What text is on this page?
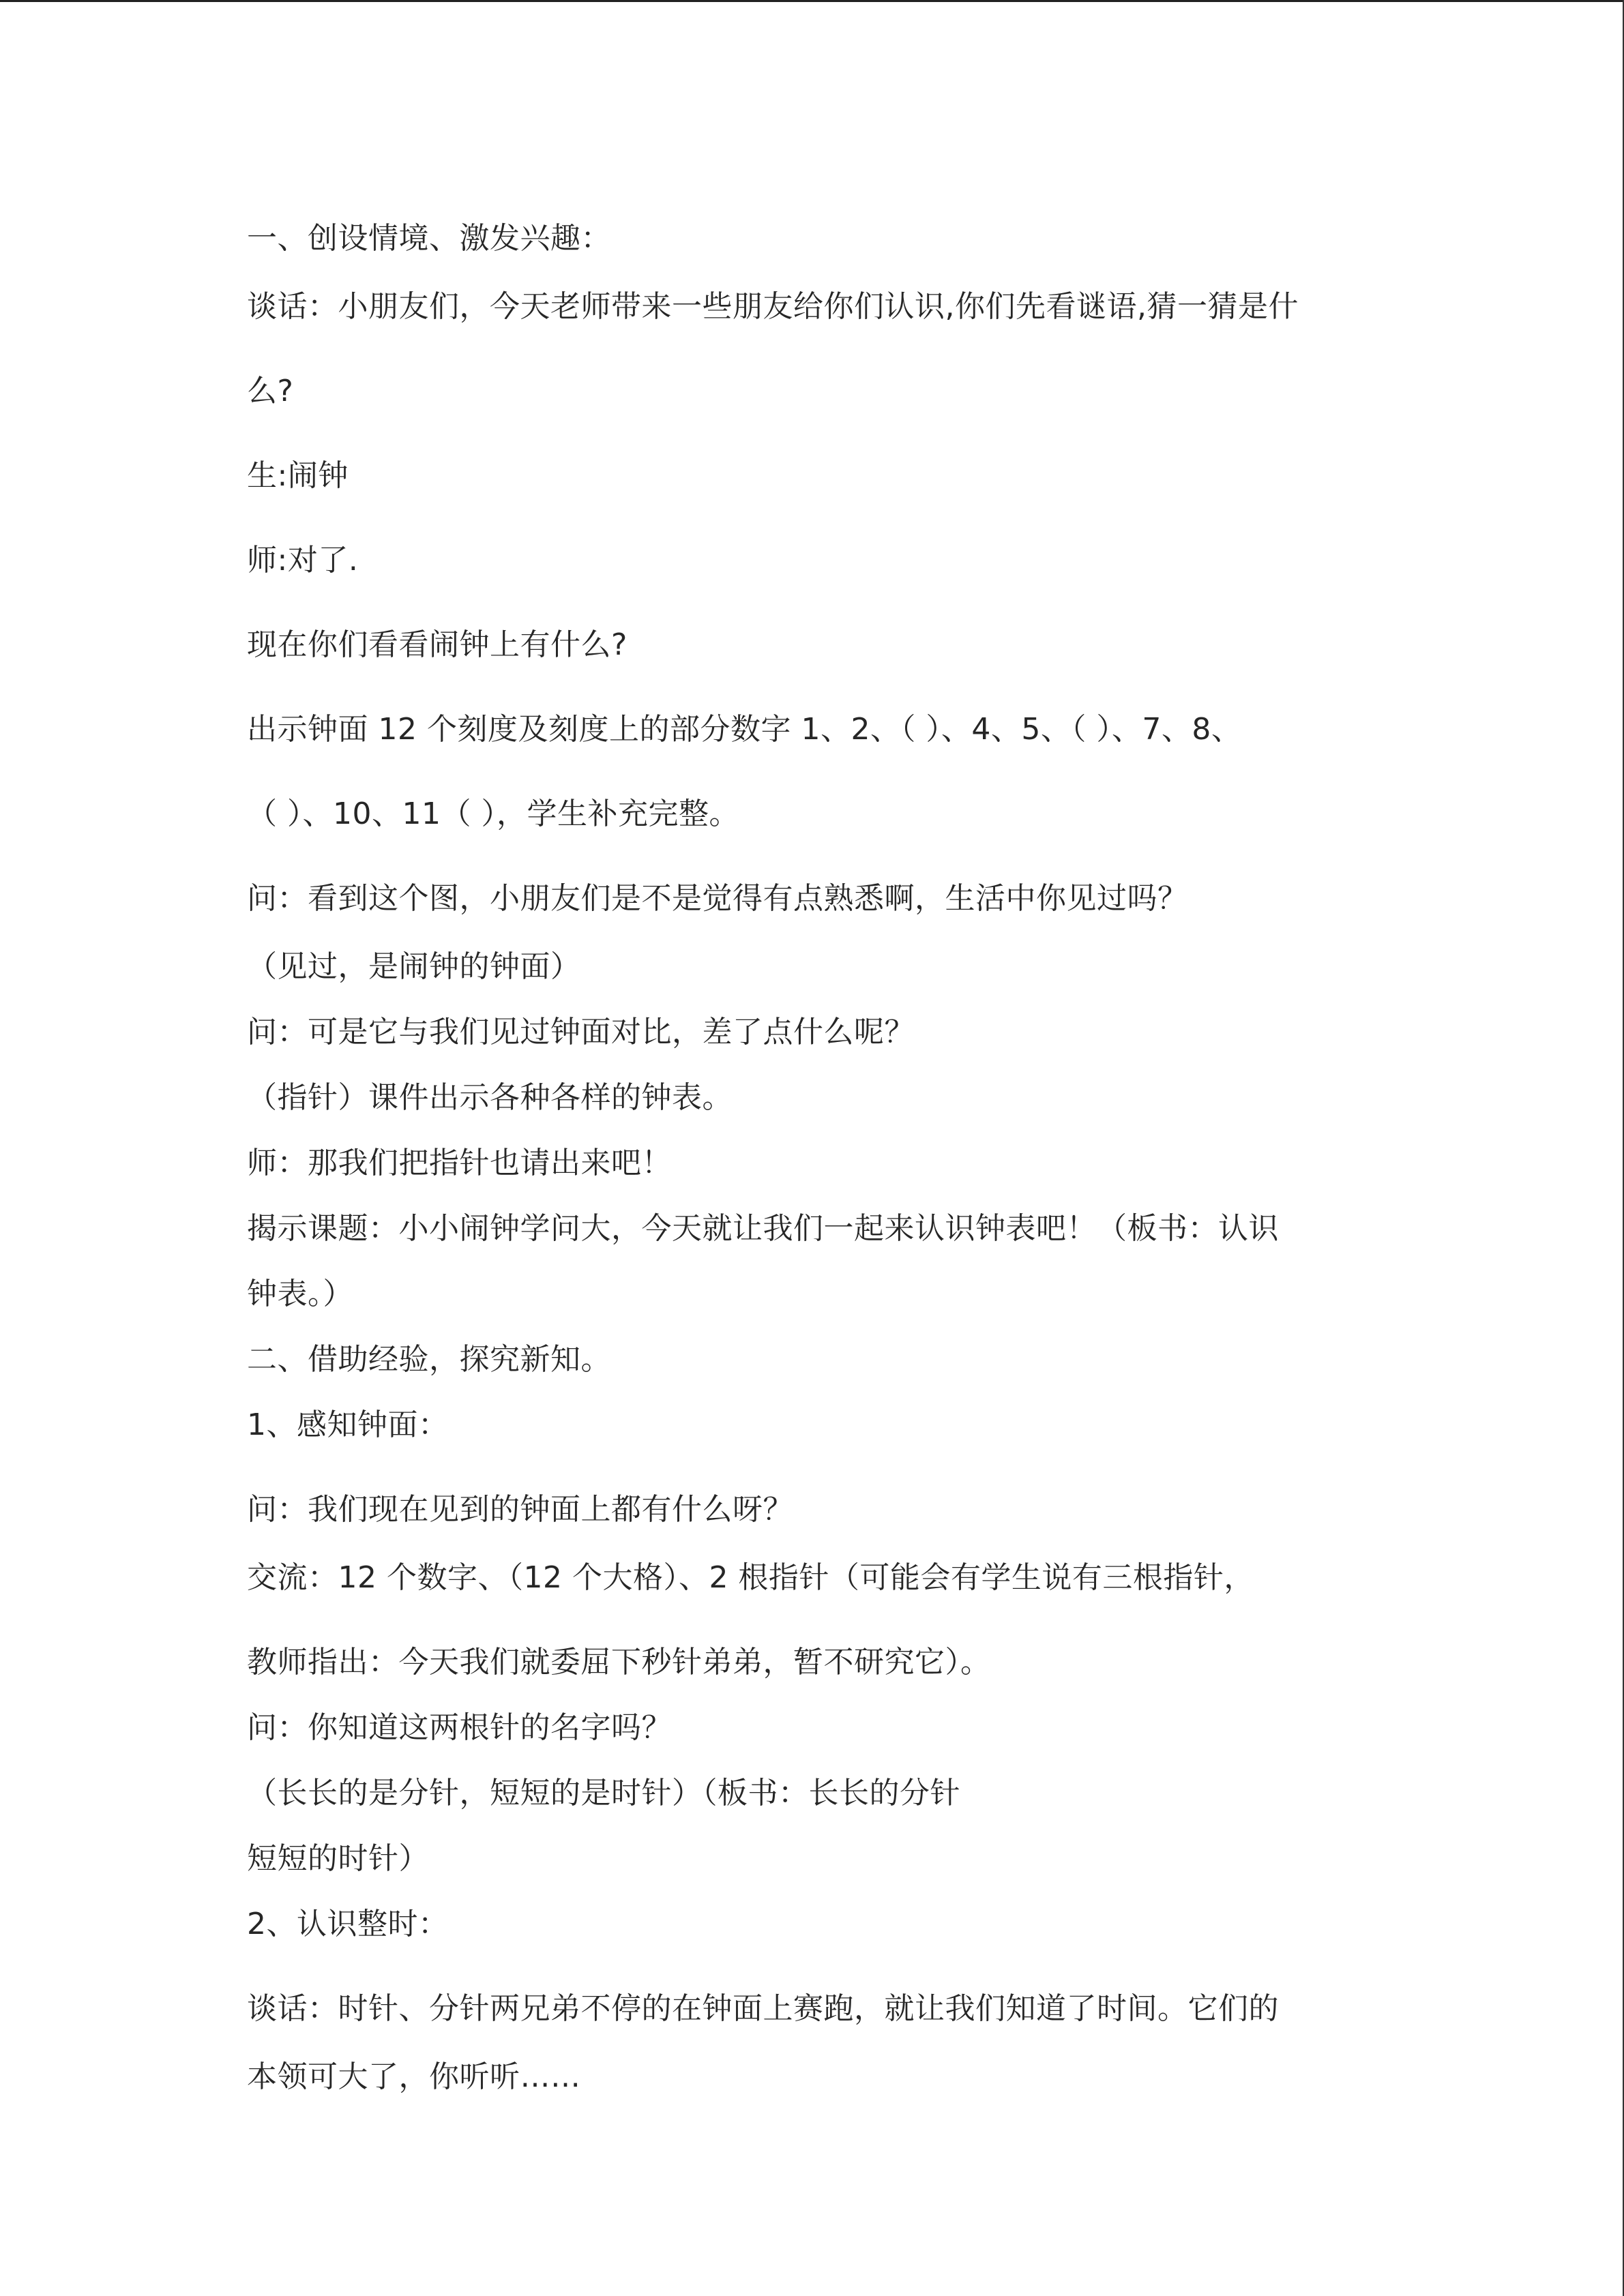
一、创设情境、激发兴趣：

谈话：小朋友们，今天老师带来一些朋友给你们认识,你们先看谜语,猜一猜是什

么?

生:闹钟

师:对了.

现在你们看看闹钟上有什么?

出示钟面 12 个刻度及刻度上的部分数字 1、2、（ ）、4、5、（ ）、7、8、

（ ）、10、11（ ），学生补充完整。

问：看到这个图，小朋友们是不是觉得有点熟悉啊，生活中你见过吗？

（见过，是闹钟的钟面）

问：可是它与我们见过钟面对比，差了点什么呢？

（指针）课件出示各种各样的钟表。

师：那我们把指针也请出来吧！

揭示课题：小小闹钟学问大，今天就让我们一起来认识钟表吧！（板书：认识

钟表。）

二、借助经验，探究新知。

1、感知钟面：

问：我们现在见到的钟面上都有什么呀？

交流：12 个数字、（12 个大格）、2 根指针（可能会有学生说有三根指针，

教师指出：今天我们就委屈下秒针弟弟，暂不研究它）。

问：你知道这两根针的名字吗？

（长长的是分针，短短的是时针）（板书：长长的分针

短短的时针）

2、认识整时：

谈话：时针、分针两兄弟不停的在钟面上赛跑，就让我们知道了时间。它们的

本领可大了，你听听……
